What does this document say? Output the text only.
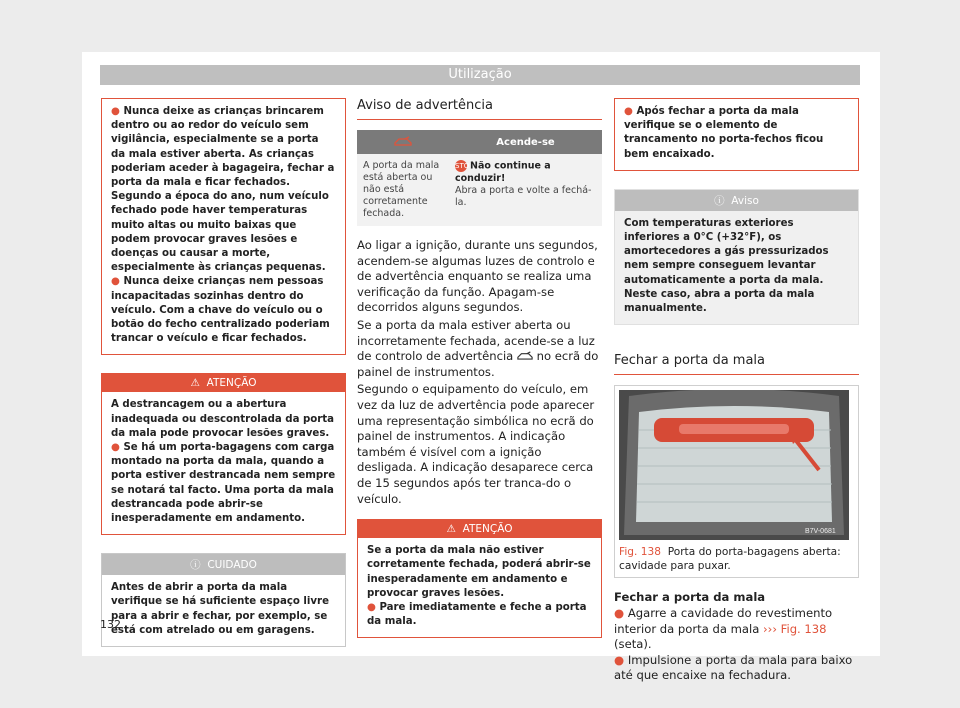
Utilização

● Nunca deixe as crianças brincarem dentro ou ao redor do veículo sem vigilância, especialmente se a porta da mala estiver aberta. As crianças poderiam aceder à bagageira, fechar a porta da mala e ficar fechados. Segundo a época do ano, num veículo fechado pode haver temperaturas muito altas ou muito baixas que podem provocar graves lesões e doenças ou causar a morte, especialmente às crianças pequenas.

● Nunca deixe crianças nem pessoas incapacitadas sozinhas dentro do veículo. Com a chave do veículo ou o botão do fecho centralizado poderiam trancar o veículo e ficar fechados.

⚠ ATENÇÃO

A destrancagem ou a abertura inadequada ou descontrolada da porta da mala pode provocar lesões graves.

● Se há um porta-bagagens com carga montado na porta da mala, quando a porta estiver destrancada nem sempre se notará tal facto. Uma porta da mala destrancada pode abrir-se inesperadamente em andamento.

ⓘ CUIDADO

Antes de abrir a porta da mala verifique se há suficiente espaço livre para a abrir e fechar, por exemplo, se está com atrelado ou em garagens.

Aviso de advertência
	Acende-se
A porta da mala está aberta ou não está corretamente fechada.	STOP Não continue a conduzir!
Abra a porta e volte a fechá-la.

Ao ligar a ignição, durante uns segundos, acendem-se algumas luzes de controlo e de advertência enquanto se realiza uma verificação da função. Apagam-se decorridos alguns segundos.

Se a porta da mala estiver aberta ou incorretamente fechada, acende-se a luz de controlo de advertência no ecrã do painel de instrumentos.

Segundo o equipamento do veículo, em vez da luz de advertência pode aparecer uma representação simbólica no ecrã do painel de instrumentos. A indicação também é visível com a ignição desligada. A indicação desaparece cerca de 15 segundos após ter tranca-do o veículo.

⚠ ATENÇÃO

Se a porta da mala não estiver corretamente fechada, poderá abrir-se inesperadamente em andamento e provocar graves lesões.

● Pare imediatamente e feche a porta da mala.

● Após fechar a porta da mala verifique se o elemento de trancamento no porta-fechos ficou bem encaixado.

ⓘ Aviso

Com temperaturas exteriores inferiores a 0°C (+32°F), os amortecedores a gás pressurizados nem sempre conseguem levantar automaticamente a porta da mala. Neste caso, abra a porta da mala manualmente.

Fechar a porta da mala
B7V-0681
Fig. 138 Porta do porta-bagagens aberta: cavidade para puxar.

Fechar a porta da mala

● Agarre a cavidade do revestimento interior da porta da mala ››› Fig. 138 (seta).

● Impulsione a porta da mala para baixo até que encaixe na fechadura.

132
